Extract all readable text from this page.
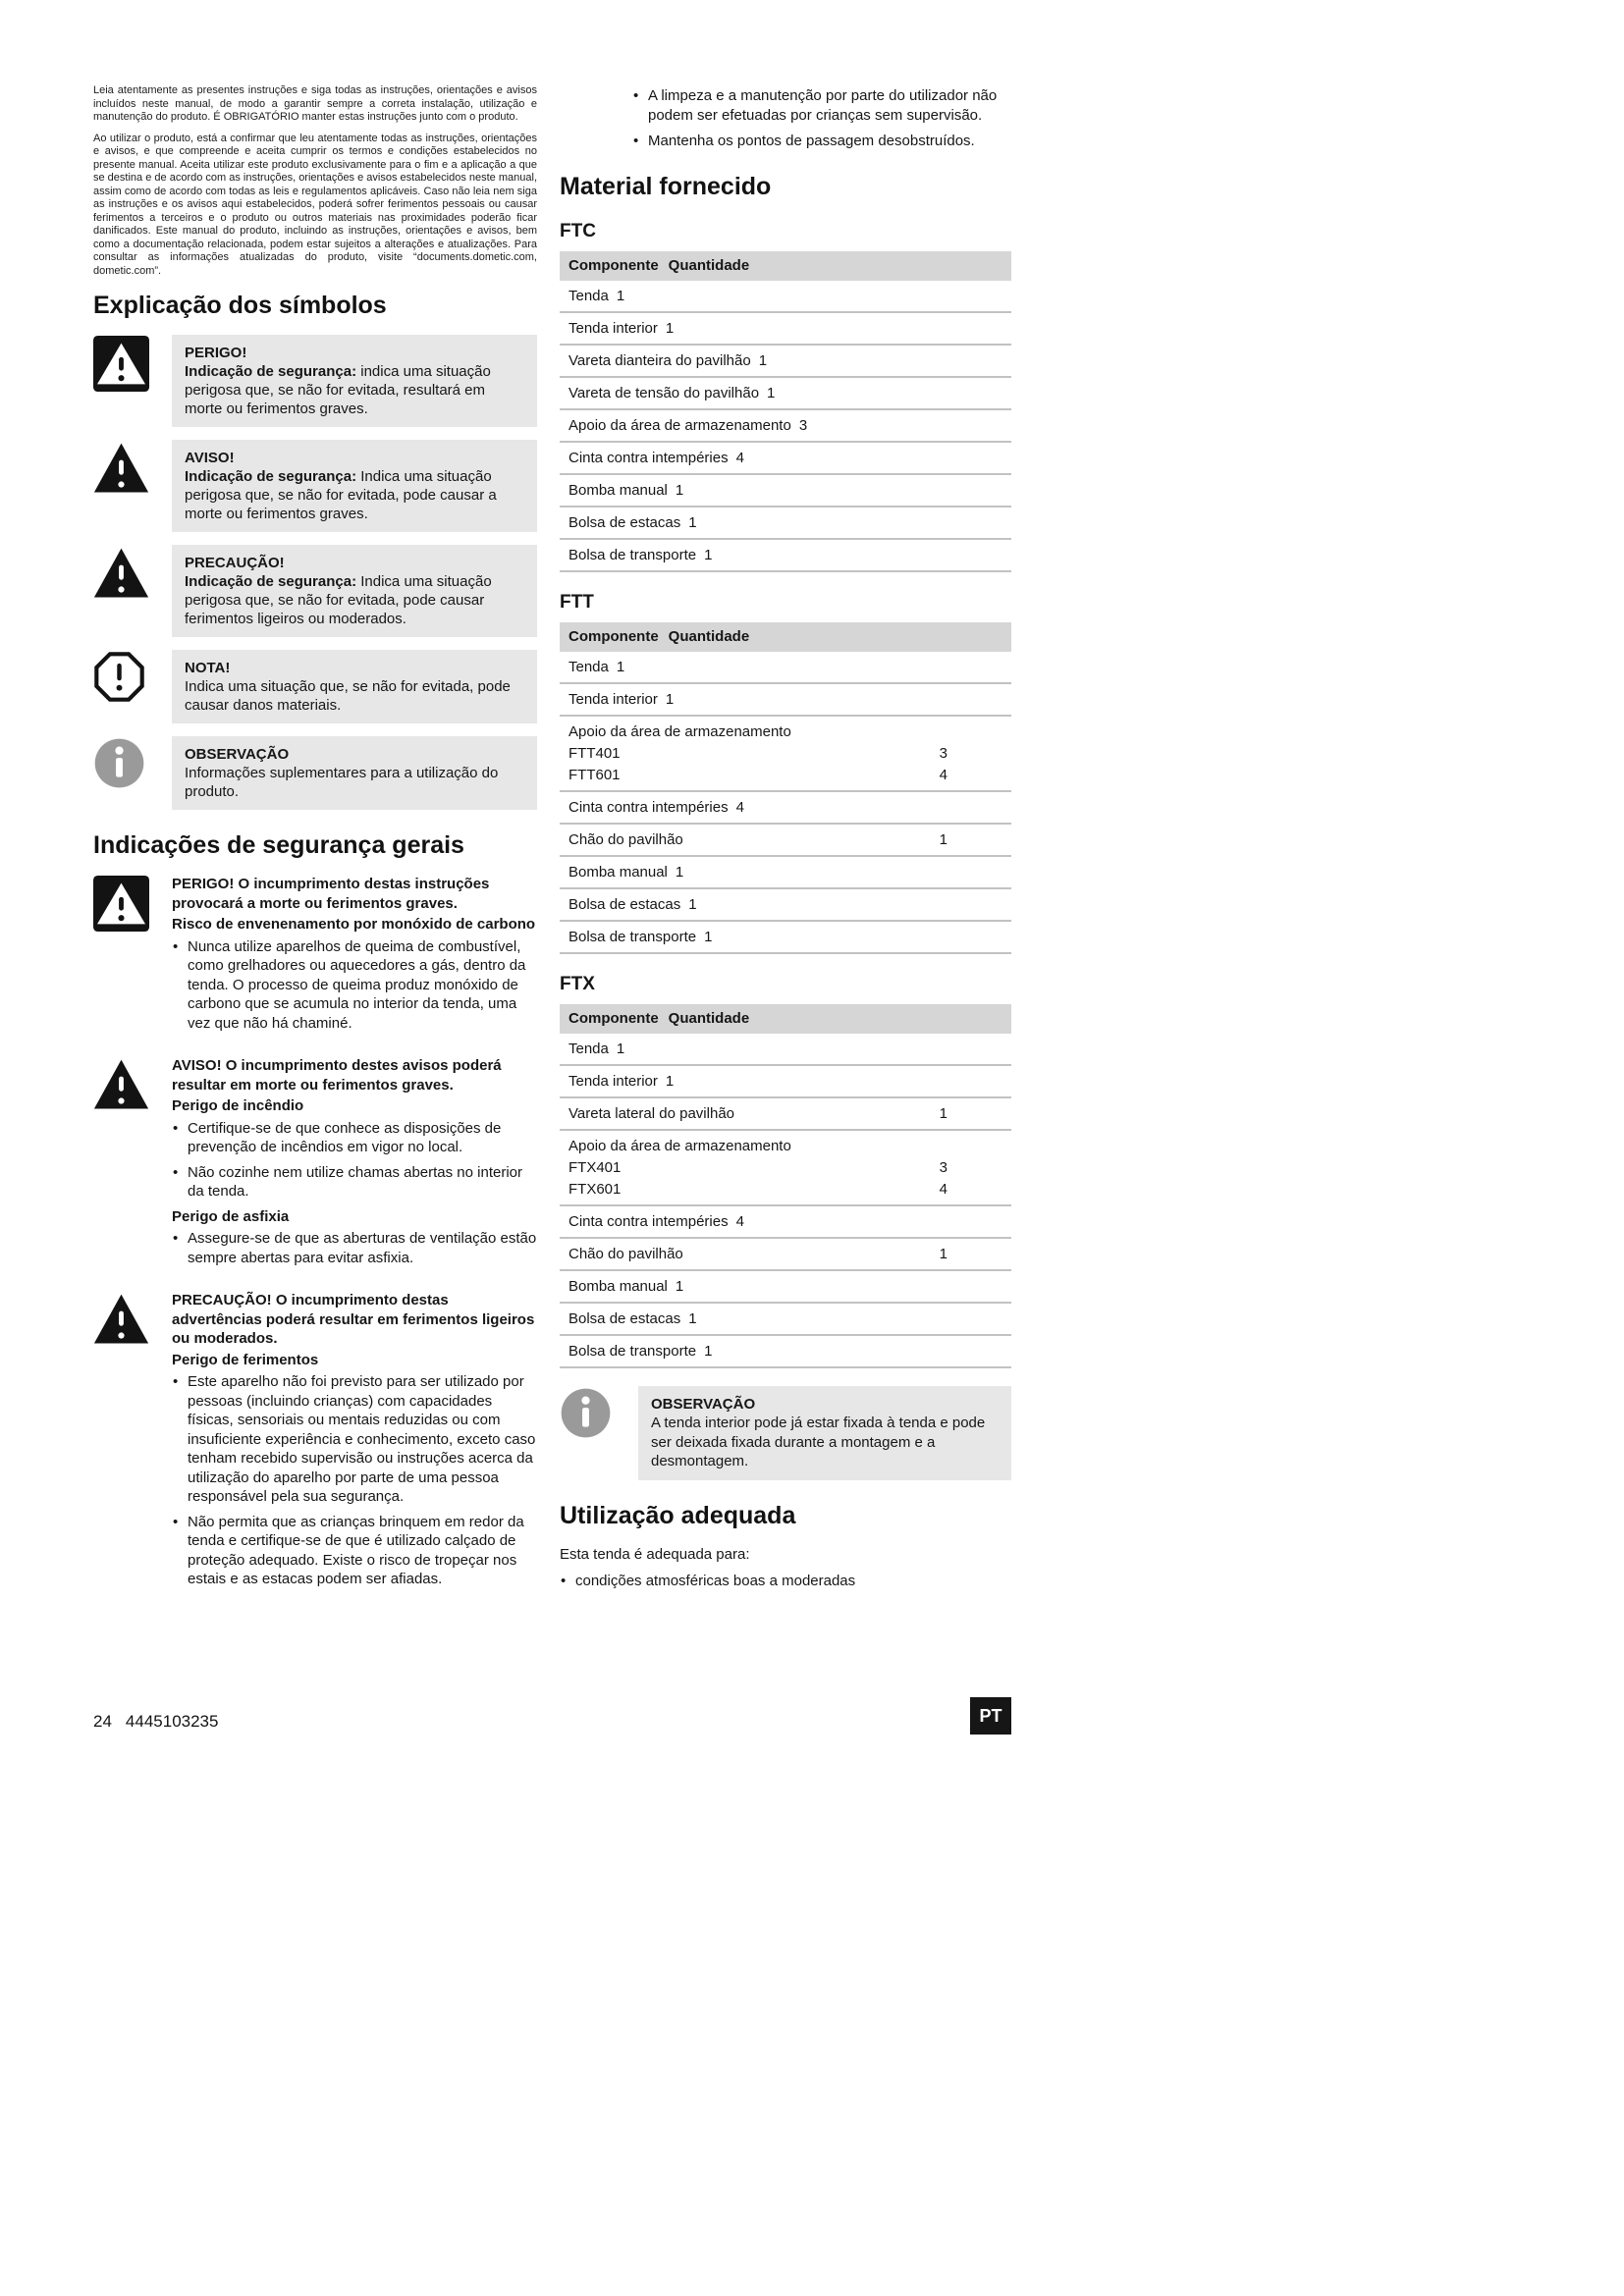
Leia atentamente as presentes instruções e siga todas as instruções, orientações e avisos incluídos neste manual, de modo a garantir sempre a correta instalação, utilização e manutenção do produto. É OBRIGATÓRIO manter estas instruções junto com o produto.

Ao utilizar o produto, está a confirmar que leu atentamente todas as instruções, orientações e avisos, e que compreende e aceita cumprir os termos e condições estabelecidos no presente manual. Aceita utilizar este produto exclusivamente para o fim e a aplicação a que se destina e de acordo com as instruções, orientações e avisos estabelecidos neste manual, assim como de acordo com todas as leis e regulamentos aplicáveis. Caso não leia nem siga as instruções e os avisos aqui estabelecidos, poderá sofrer ferimentos pessoais ou causar ferimentos a terceiros e o produto ou outros materiais nas proximidades poderão ficar danificados. Este manual do produto, incluindo as instruções, orientações e avisos, bem como a documentação relacionada, podem estar sujeitos a alterações e atualizações. Para consultar as informações atualizadas do produto, visite “documents.dometic.com, dometic.com”.

Explicação dos símbolos
PERIGO!
Indicação de segurança: indica uma situação perigosa que, se não for evitada, resultará em morte ou ferimentos graves.
AVISO!
Indicação de segurança: Indica uma situação perigosa que, se não for evitada, pode causar a morte ou ferimentos graves.
PRECAUÇÃO!
Indicação de segurança: Indica uma situação perigosa que, se não for evitada, pode causar ferimentos ligeiros ou moderados.
NOTA!
Indica uma situação que, se não for evitada, pode causar danos materiais.
OBSERVAÇÃO
Informações suplementares para a utilização do produto.
Indicações de segurança gerais
PERIGO! O incumprimento destas instruções provocará a morte ou ferimentos graves.
Risco de envenenamento por monóxido de carbono
• Nunca utilize aparelhos de queima de combustível, como grelhadores ou aquecedores a gás, dentro da tenda. O processo de queima produz monóxido de carbono que se acumula no interior da tenda, uma vez que não há chaminé.
AVISO! O incumprimento destes avisos poderá resultar em morte ou ferimentos graves.
Perigo de incêndio
• Certifique-se de que conhece as disposições de prevenção de incêndios em vigor no local.
• Não cozinhe nem utilize chamas abertas no interior da tenda.
Perigo de asfixia
• Assegure-se de que as aberturas de ventilação estão sempre abertas para evitar asfixia.
PRECAUÇÃO! O incumprimento destas advertências poderá resultar em ferimentos ligeiros ou moderados.
Perigo de ferimentos
• Este aparelho não foi previsto para ser utilizado por pessoas (incluindo crianças) com capacidades físicas, sensoriais ou mentais reduzidas ou com insuficiente experiência e conhecimento, exceto caso tenham recebido supervisão ou instruções acerca da utilização do aparelho por parte de uma pessoa responsável pela sua segurança.
• Não permita que as crianças brinquem em redor da tenda e certifique-se de que é utilizado calçado de proteção adequado. Existe o risco de tropeçar nos estais e as estacas podem ser afiadas.
• A limpeza e a manutenção por parte do utilizador não podem ser efetuadas por crianças sem supervisão.
• Mantenha os pontos de passagem desobstruídos.
Material fornecido
FTC
Componente Quantidade
Tenda 1
Tenda interior 1
Vareta dianteira do pavilhão 1
Vareta de tensão do pavilhão 1
Apoio da área de armazenamento 3
Cinta contra intempéries 4
Bomba manual 1
Bolsa de estacas 1
Bolsa de transporte 1
FTT
Componente Quantidade
Tenda 1
Tenda interior 1
Apoio da área de armazenamento
FTT401	3
FTT601	4
Cinta contra intempéries 4
Chão do pavilhão	1
Bomba manual 1
Bolsa de estacas 1
Bolsa de transporte 1
FTX
Componente Quantidade
Tenda 1
Tenda interior 1
Vareta lateral do pavilhão	1
Apoio da área de armazenamento
FTX401	3
FTX601	4
Cinta contra intempéries 4
Chão do pavilhão	1
Bomba manual 1
Bolsa de estacas 1
Bolsa de transporte 1
OBSERVAÇÃO
A tenda interior pode já estar fixada à tenda e pode ser deixada fixada durante a montagem e a desmontagem.
Utilização adequada
Esta tenda é adequada para:
• condições atmosféricas boas a moderadas
24 4445103235	PT
